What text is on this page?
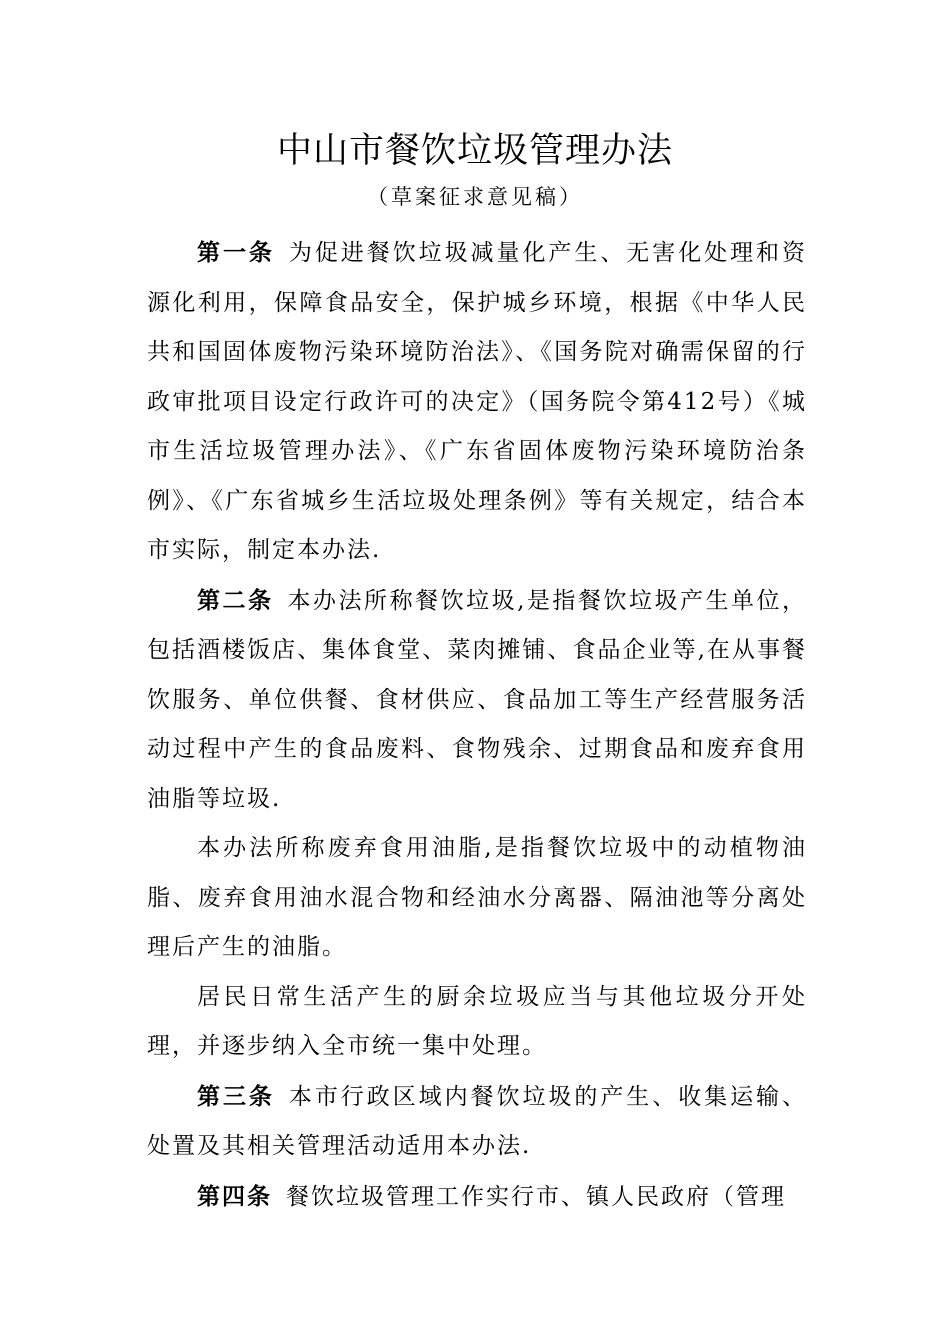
中山市餐饮垃圾管理办法
（草案征求意见稿）

第一条 为促进餐饮垃圾减量化产生、无害化处理和资源化利用，保障食品安全，保护城乡环境，根据《中华人民共和国固体废物污染环境防治法》、《国务院对确需保留的行政审批项目设定行政许可的决定》（国务院令第412号）《城市生活垃圾管理办法》、《广东省固体废物污染环境防治条例》、《广东省城乡生活垃圾处理条例》等有关规定，结合本市实际，制定本办法.

第二条 本办法所称餐饮垃圾,是指餐饮垃圾产生单位，包括酒楼饭店、集体食堂、菜肉摊铺、食品企业等,在从事餐饮服务、单位供餐、食材供应、食品加工等生产经营服务活动过程中产生的食品废料、食物残余、过期食品和废弃食用油脂等垃圾.

本办法所称废弃食用油脂,是指餐饮垃圾中的动植物油脂、废弃食用油水混合物和经油水分离器、隔油池等分离处理后产生的油脂。

居民日常生活产生的厨余垃圾应当与其他垃圾分开处理，并逐步纳入全市统一集中处理。

第三条 本市行政区域内餐饮垃圾的产生、收集运输、处置及其相关管理活动适用本办法.

第四条 餐饮垃圾管理工作实行市、镇人民政府（管理
